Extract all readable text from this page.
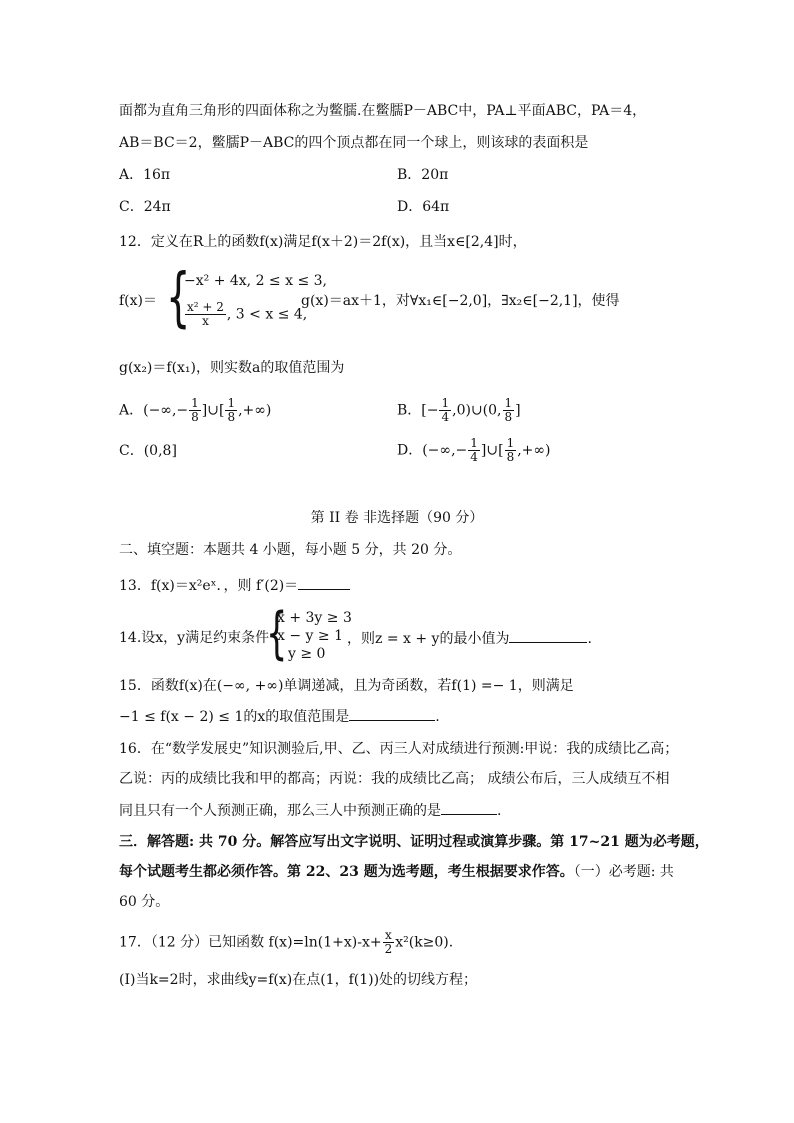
面都为直角三角形的四面体称之为鳖臑.在鳖臑P－ABC中，PA⊥平面ABC，PA＝4，
AB＝BC＝2，鳖臑P－ABC的四个顶点都在同一个球上，则该球的表面积是
A．16π	B．20π
C．24π	D．64π
12．定义在R上的函数f(x)满足f(x＋2)＝2f(x)，且当x∈[2,4]时，
f(x)＝ {
−x² + 4x, 2 ≤ x ≤ 3,
$\frac{\text{x² + 2}}{x}$ , 3 < x ≤ 4,
g(x)＝ax＋1，对∀x₁∈[−2,0]，∃x₂∈[−2,1]，使得
g(x₂)＝f(x₁)，则实数a的取值范围为
A．(−∞,− $\frac{1}{8}$ ]∪[ $\frac{1}{8}$ ,+∞)	B．[− $\frac{1}{4}$ ,0)∪(0, $\frac{1}{8}$ ]
C．(0,8]	D．(−∞,− $\frac{1}{4}$ ]∪[ $\frac{1}{8}$ ,+∞)
第 II 卷 非选择题（90 分）
二、填空题：本题共 4 小题，每小题 5 分，共 20 分。
13．f(x)＝x²eˣ．，则 f′(2)＝
14.设x，y满足约束条件
{
x + 3y ≥ 3
x − y ≥ 1
y ≥ 0
，则z = x + y的最小值为	.
15．函数f(x)在(−∞, +∞)单调递减，且为奇函数，若f(1) =− 1，则满足
−1 ≤ f(x − 2) ≤ 1的x的取值范围是	.
16．在“数学发展史”知识测验后,甲、乙、丙三人对成绩进行预测:甲说：我的成绩比乙高；
乙说：丙的成绩比我和甲的都高；丙说：我的成绩比乙高； 成绩公布后，三人成绩互不相
同且只有一个人预测正确，那么三人中预测正确的是	.
三．解答题: 共 70 分。解答应写出文字说明、证明过程或演算步骤。第 17~21 题为必考题，
每个试题考生都必须作答。第 22、23 题为选考题，考生根据要求作答。（一）必考题: 共
60 分。
17．（12 分）已知函数 $f(x)=\ln(1+x)-x+ \frac{x}{2} x^2(k\ge 0)$.
(Ⅰ)当k=2时，求曲线y=f(x)在点(1，f(1))处的切线方程；
